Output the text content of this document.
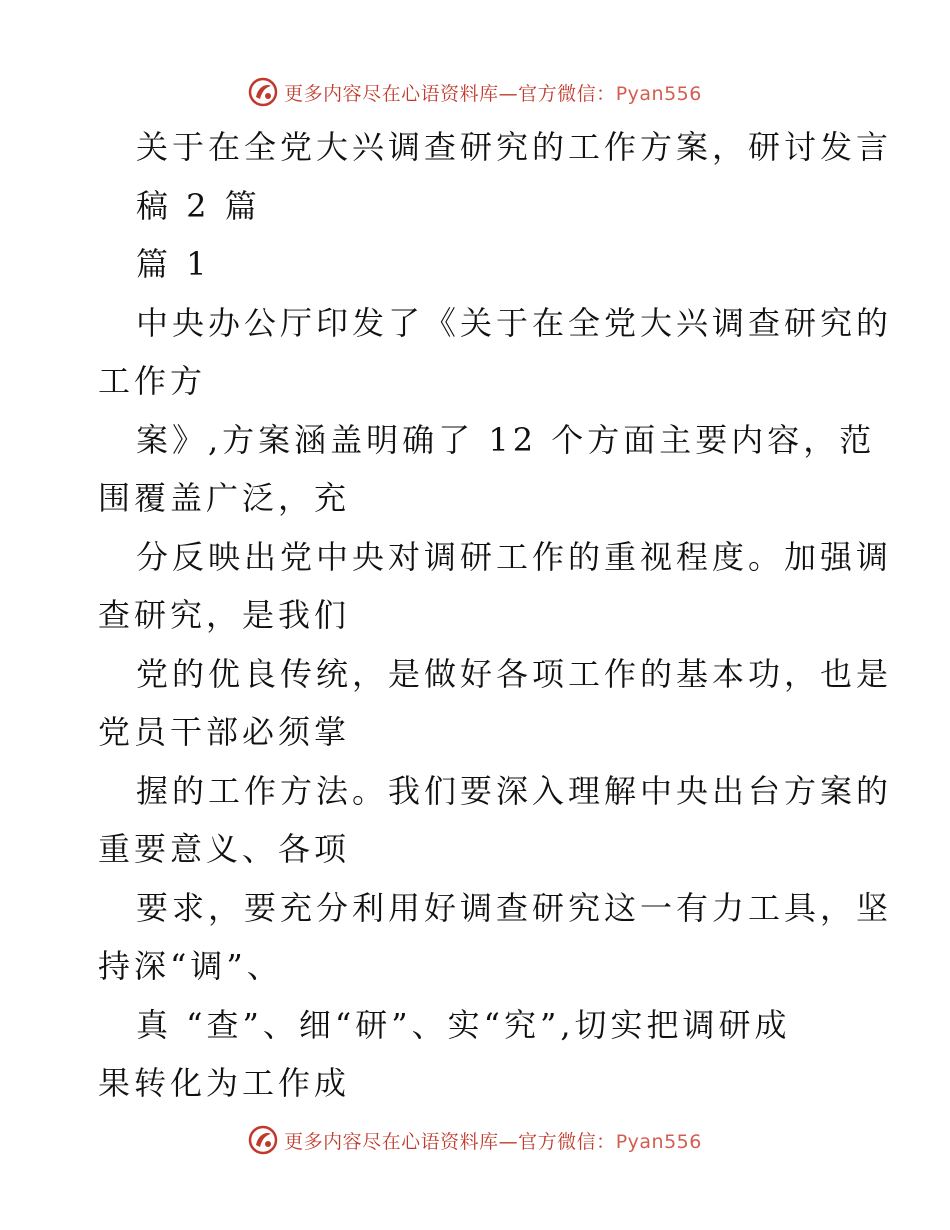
更多内容尽在心语资料库—官方微信：Pyan556
关于在全党大兴调查研究的工作方案，研讨发言
稿 2 篇
篇 1
中央办公厅印发了《关于在全党大兴调查研究的
工作方
案》,方案涵盖明确了 12 个方面主要内容，范
围覆盖广泛，充
分反映出党中央对调研工作的重视程度。加强调
查研究，是我们
党的优良传统，是做好各项工作的基本功，也是
党员干部必须掌
握的工作方法。我们要深入理解中央出台方案的
重要意义、各项
要求，要充分利用好调查研究这一有力工具，坚
持深“调”、
真 “查”、细“研”、实“究”,切实把调研成
果转化为工作成
更多内容尽在心语资料库—官方微信：Pyan556
